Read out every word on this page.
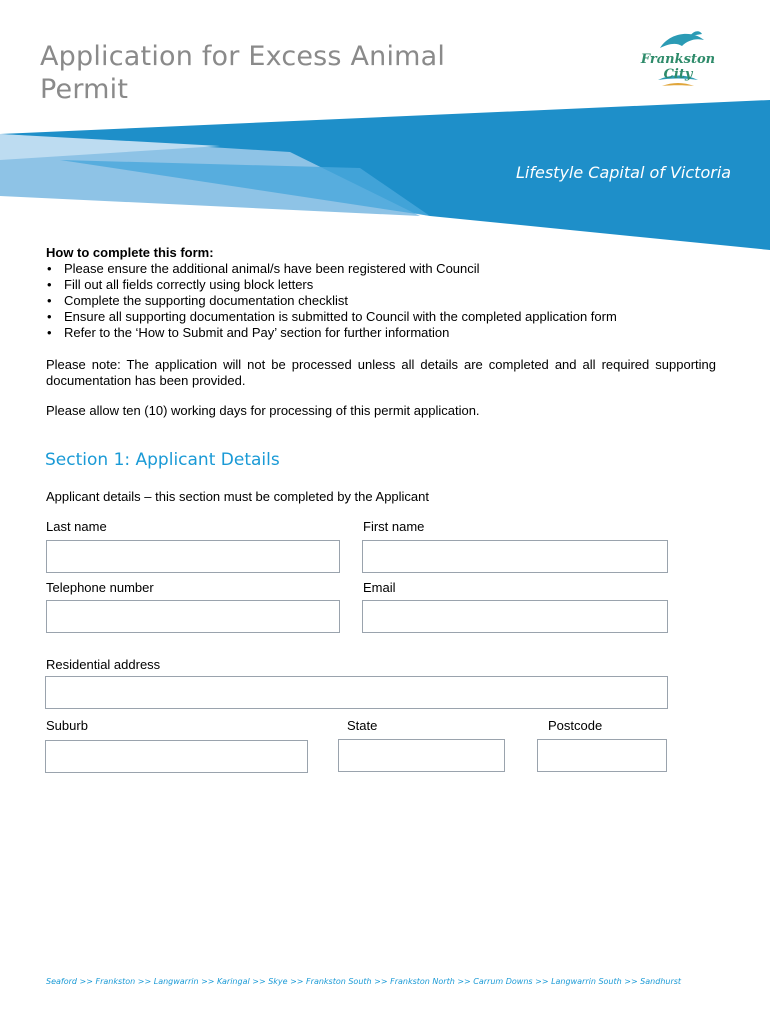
Application for Excess Animal Permit
Frankston City
Lifestyle Capital of Victoria
How to complete this form:
• Please ensure the additional animal/s have been registered with Council
• Fill out all fields correctly using block letters
• Complete the supporting documentation checklist
• Ensure all supporting documentation is submitted to Council with the completed application form
• Refer to the ‘How to Submit and Pay’ section for further information

Please note: The application will not be processed unless all details are completed and all required supporting documentation has been provided.

Please allow ten (10) working days for processing of this permit application.

Section 1: Applicant Details
Applicant details – this section must be completed by the Applicant
Last name	First name
Telephone number	Email
Residential address
Suburb	State	Postcode
Seaford >> Frankston >> Langwarrin >> Karingal >> Skye >> Frankston South >> Frankston North >> Carrum Downs >> Langwarrin South >> Sandhurst
